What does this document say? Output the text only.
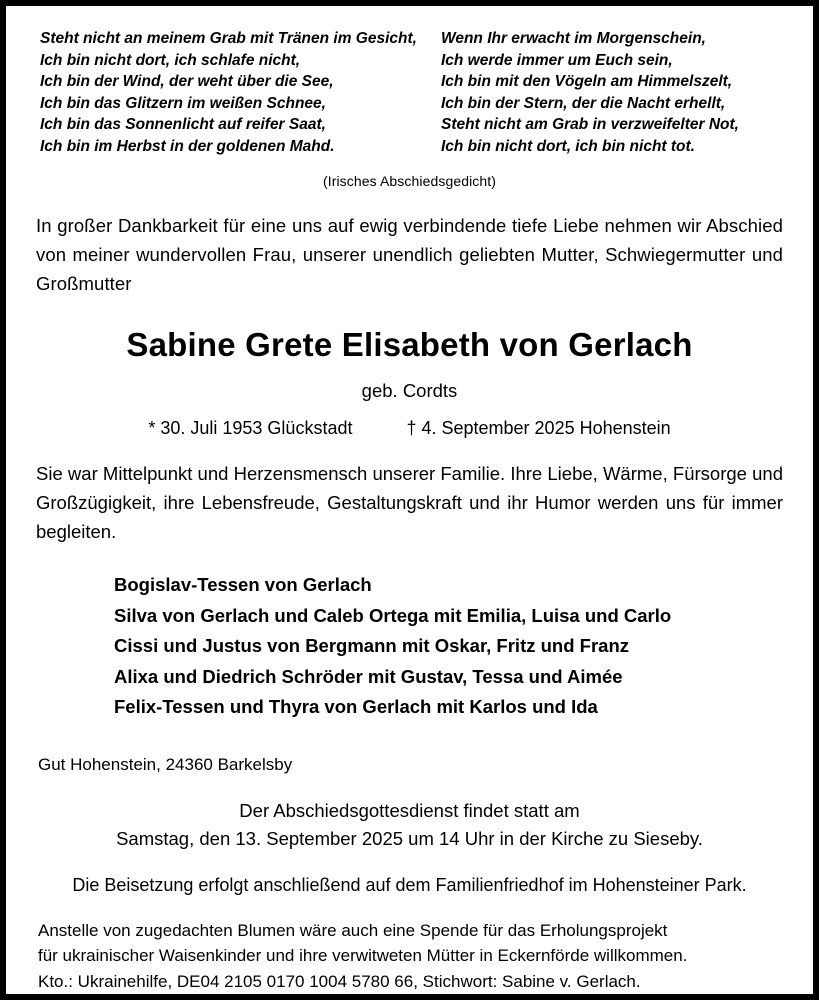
Steht nicht an meinem Grab mit Tränen im Gesicht,
Ich bin nicht dort, ich schlafe nicht,
Ich bin der Wind, der weht über die See,
Ich bin das Glitzern im weißen Schnee,
Ich bin das Sonnenlicht auf reifer Saat,
Ich bin im Herbst in der goldenen Mahd.
Wenn Ihr erwacht im Morgenschein,
Ich werde immer um Euch sein,
Ich bin mit den Vögeln am Himmelszelt,
Ich bin der Stern, der die Nacht erhellt,
Steht nicht am Grab in verzweifelter Not,
Ich bin nicht dort, ich bin nicht tot.
(Irisches Abschiedsgedicht)
In großer Dankbarkeit für eine uns auf ewig verbindende tiefe Liebe nehmen wir Abschied von meiner wundervollen Frau, unserer unendlich geliebten Mutter, Schwiegermutter und Großmutter
Sabine Grete Elisabeth von Gerlach
geb. Cordts
* 30. Juli 1953 Glückstadt	† 4. September 2025 Hohenstein
Sie war Mittelpunkt und Herzensmensch unserer Familie. Ihre Liebe, Wärme, Fürsorge und Großzügigkeit, ihre Lebensfreude, Gestaltungskraft und ihr Humor werden uns für immer begleiten.
Bogislav-Tessen von Gerlach
Silva von Gerlach und Caleb Ortega mit Emilia, Luisa und Carlo
Cissi und Justus von Bergmann mit Oskar, Fritz und Franz
Alixa und Diedrich Schröder mit Gustav, Tessa und Aimée
Felix-Tessen und Thyra von Gerlach mit Karlos und Ida
Gut Hohenstein, 24360 Barkelsby
Der Abschiedsgottesdienst findet statt am
Samstag, den 13. September 2025 um 14 Uhr in der Kirche zu Sieseby.
Die Beisetzung erfolgt anschließend auf dem Familienfriedhof im Hohensteiner Park.
Anstelle von zugedachten Blumen wäre auch eine Spende für das Erholungsprojekt
für ukrainischer Waisenkinder und ihre verwitweten Mütter in Eckernförde willkommen.
Kto.: Ukrainehilfe, DE04 2105 0170 1004 5780 66, Stichwort: Sabine v. Gerlach.
